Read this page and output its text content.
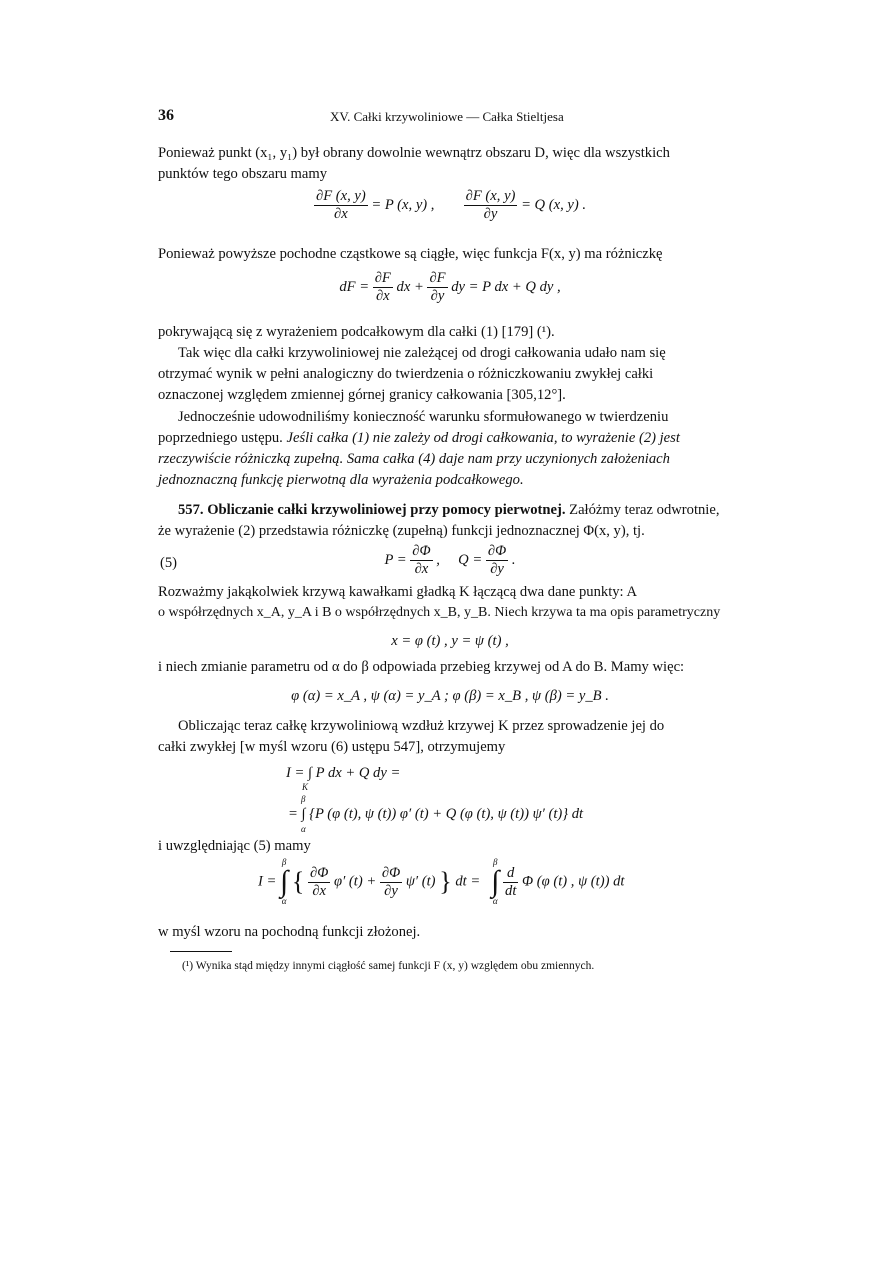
36	XV. Całki krzywoliniowe — Całka Stieltjesa
Ponieważ punkt (x₁, y₁) był obrany dowolnie wewnątrz obszaru D, więc dla wszystkich
punktów tego obszaru mamy
$\frac{\partial F (x, y)}{\partial x} = P$ (x, y) , $\frac{\partial F (x, y)}{\partial y} = Q$ (x, y) .
Ponieważ powyższe pochodne cząstkowe są ciągłe, więc funkcja F(x, y) ma różniczkę
dF = $\frac{\partial F}{\partial x}$ dx + $\frac{\partial F}{\partial y}$ dy = P dx + Q dy ,
pokrywającą się z wyrażeniem podcałkowym dla całki (1) [179] (¹).
Tak więc dla całki krzywoliniowej nie zależącej od drogi całkowania udało nam się
otrzymać wynik w pełni analogiczny do twierdzenia o różniczkowaniu zwykłej całki
oznaczonej względem zmiennej górnej granicy całkowania [305,12°].
Jednocześnie udowodniliśmy konieczność warunku sformułowanego w twierdzeniu
poprzedniego ustępu. Jeśli całka (1) nie zależy od drogi całkowania, to wyrażenie (2) jest
rzeczywiście różniczką zupełną. Sama całka (4) daje nam przy uczynionych założeniach
jednoznaczną funkcję pierwotną dla wyrażenia podcałkowego.
557. Obliczanie całki krzywoliniowej przy pomocy pierwotnej. Załóżmy teraz odwrotnie,
że wyrażenie (2) przedstawia różniczkę (zupełną) funkcji jednoznacznej Φ(x, y), tj.
(5)	$P = \frac{\partial\Phi}{\partial x}$ , $Q = \frac{\partial\Phi}{\partial y}$ .
Rozważmy jakąkolwiek krzywą kawałkami gładką K łączącą dwa dane punkty: A
o współrzędnych x_A, y_A i B o współrzędnych x_B, y_B. Niech krzywa ta ma opis parametryczny
x = φ (t) , y = ψ (t) ,
i niech zmianie parametru od α do β odpowiada przebieg krzywej od A do B. Mamy więc:
φ (α) = x_A , ψ (α) = y_A ; φ (β) = x_B , ψ (β) = y_B .
Obliczając teraz całkę krzywoliniową wzdłuż krzywej K przez sprowadzenie jej do
całki zwykłej [w myśl wzoru (6) ustępu 547], otrzymujemy
I = ∫ P dx + Q dy =
K
β
= ∫ {P (φ (t), ψ (t)) φ′ (t) + Q (φ (t), ψ (t)) ψ′ (t)} dt
α
i uwzględniając (5) mamy
I =
β
∫
α
{ $\frac{\partial\Phi}{\partial x} \varphi'$ $(t) + \frac{\partial\Phi}{\partial y} \psi'$ (t) } dt =
β
∫
α

$\frac{d}{dt}$ Φ (φ (t) , ψ (t)) dt
w myśl wzoru na pochodną funkcji złożonej.
(¹) Wynika stąd między innymi ciągłość samej funkcji F (x, y) względem obu zmiennych.
